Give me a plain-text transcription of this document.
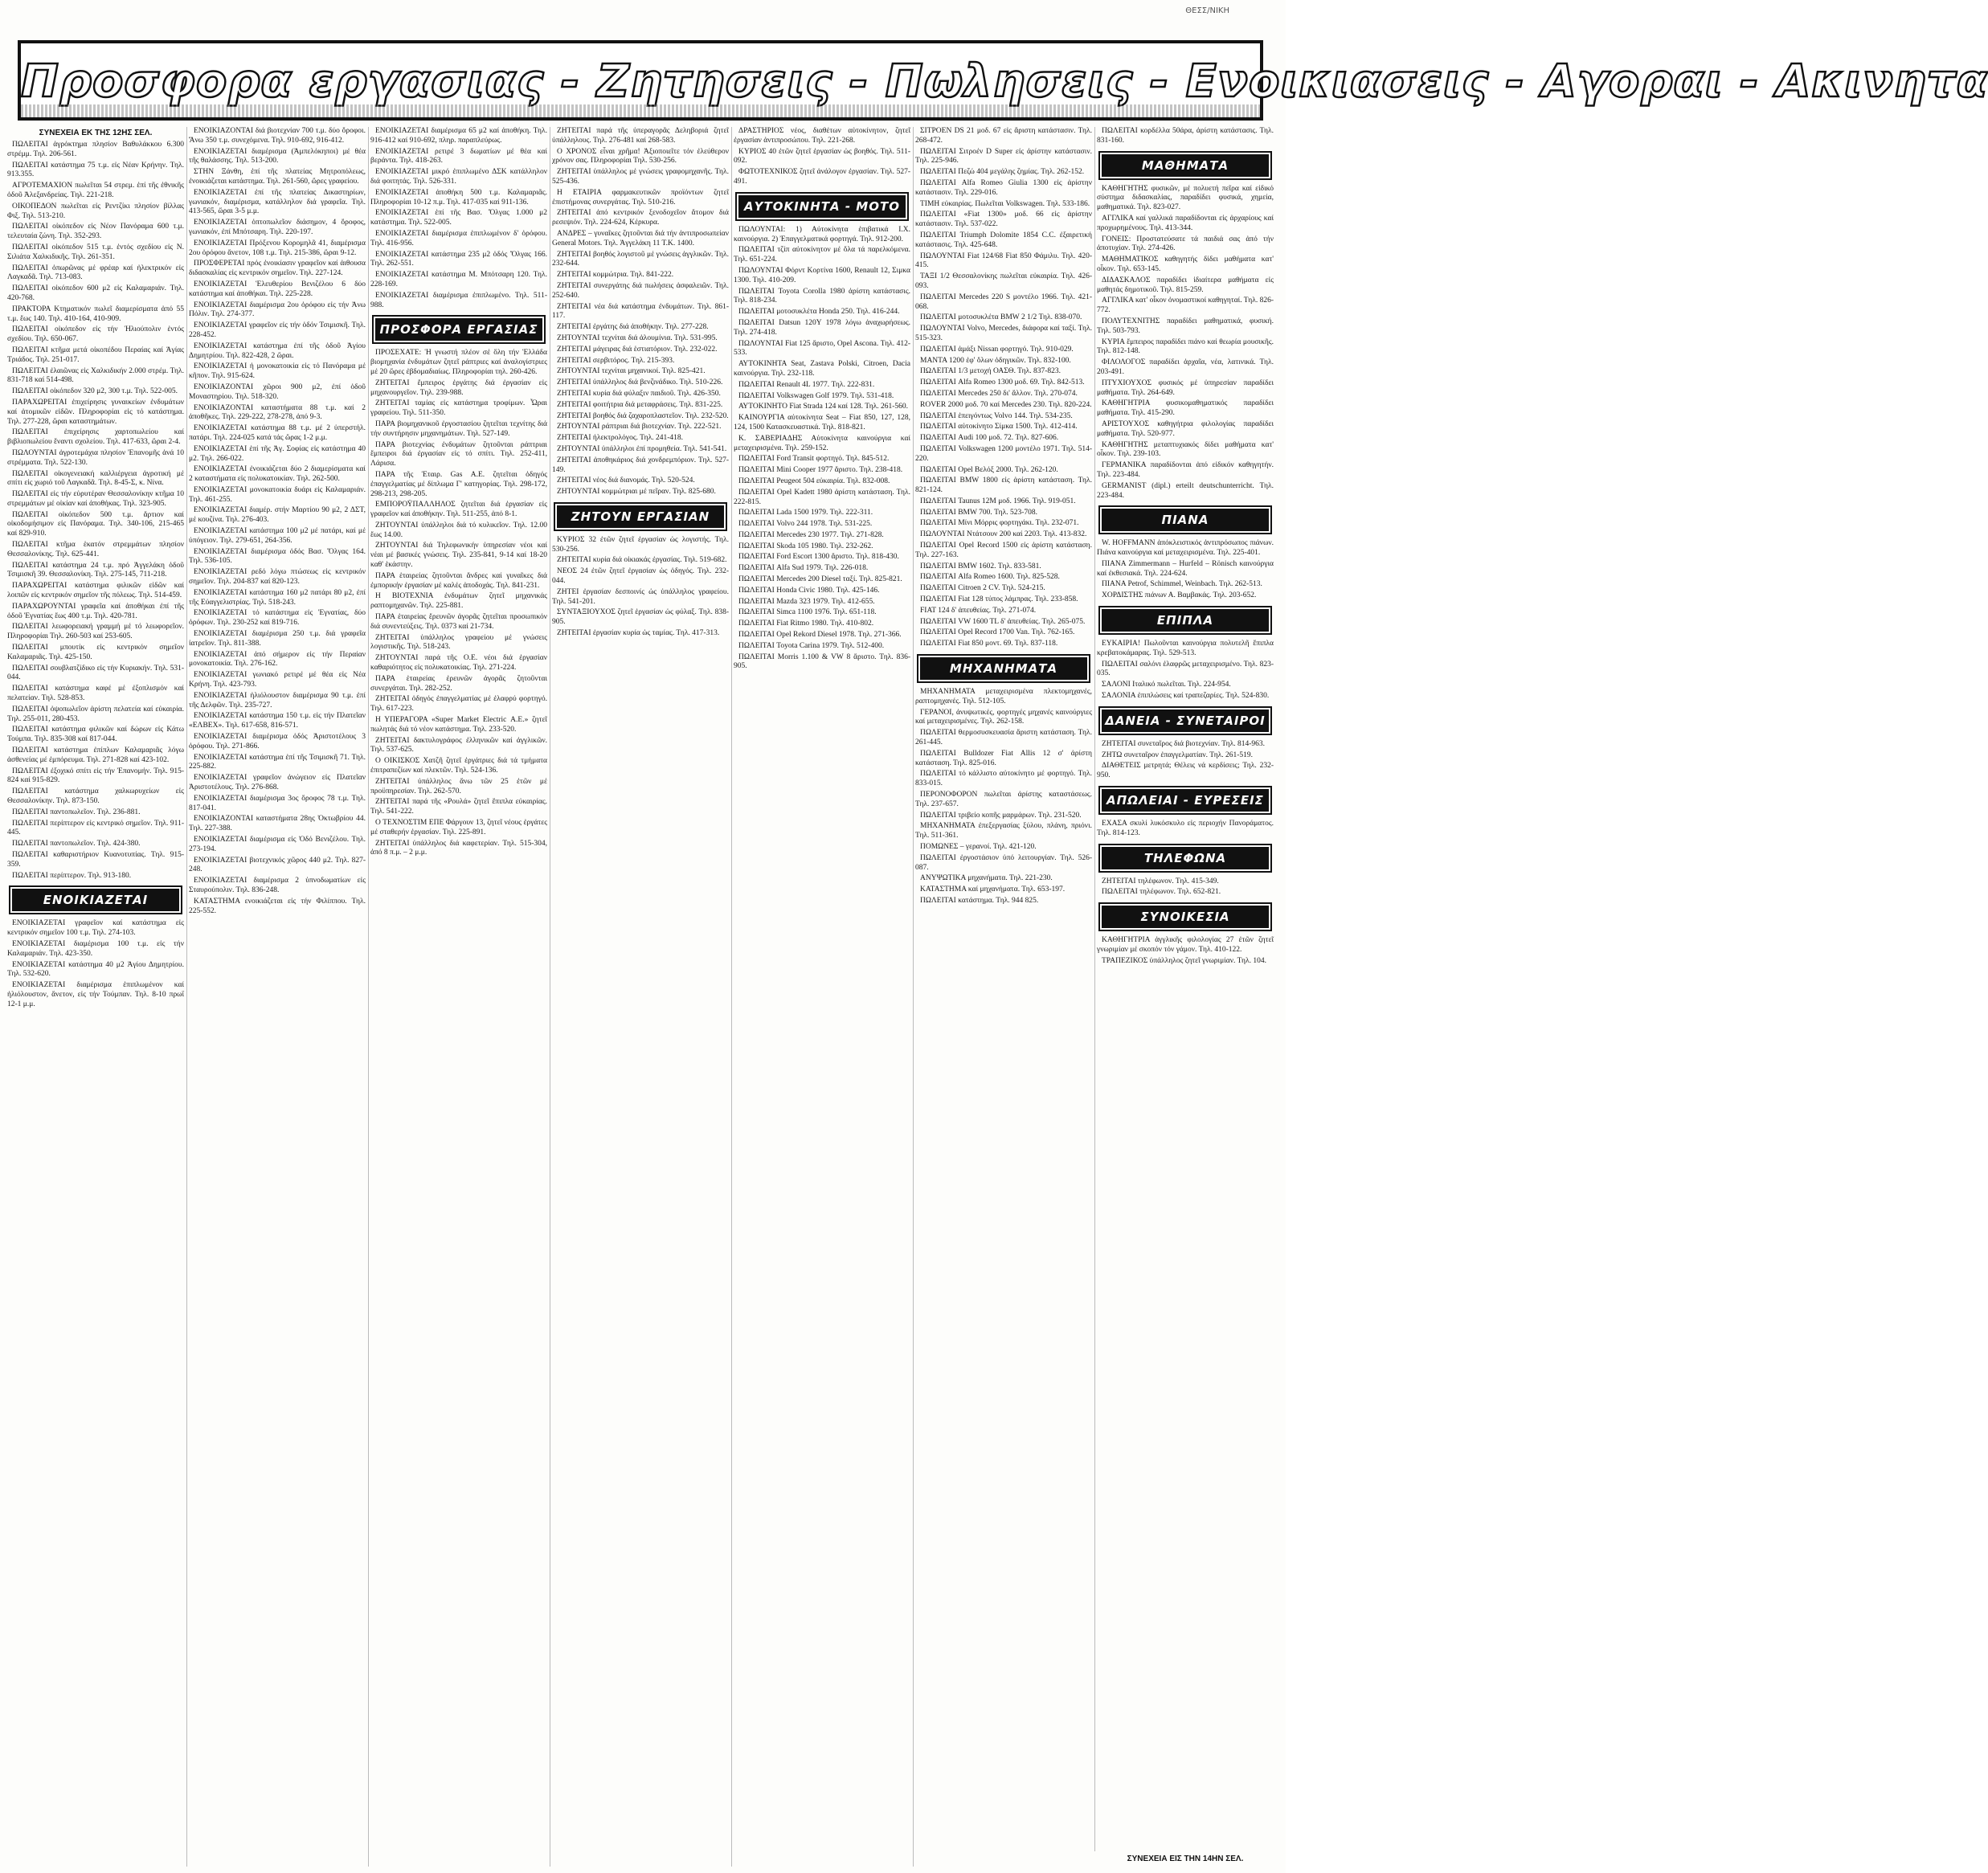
ΘΕΣΣ/ΝΙΚΗ
Προσφορα εργασιας - Ζητησεις - Πωλησεις - Ενοικιασεις - Αγοραι - Ακινητα
ΣΥΝΕΧΕΙΑ ΕΚ ΤΗΣ 12ΗΣ ΣΕΛ.

ΠΩΛΕΙΤΑΙ ἀγρόκτημα πλησίον Βαθυλάκκου 6.300 στρέμμ. Τηλ. 206-561.

ΠΩΛΕΙΤΑΙ κατάστημα 75 τ.μ. εἰς Νέαν Κρήνην. Τηλ. 913.355.

ΑΓΡΟΤΕΜΑΧΙΟΝ πωλεῖται 54 στρεμ. ἐπί τῆς ἐθνικῆς ὁδοῦ Ἀλεξανδρείας. Τηλ. 221-218.

ΟΙΚΟΠΕΔΟΝ πωλεῖται εἰς Ρεντζίκι πλησίον βίλλας Φιξ. Τηλ. 513-210.

ΠΩΛΕΙΤΑΙ οἰκόπεδον εἰς Νέον Πανόραμα 600 τ.μ. τελευταία ζώνη. Τηλ. 352-293.

ΠΩΛΕΙΤΑΙ οἰκόπεδον 515 τ.μ. ἐντός σχεδίου εἰς Ν. Σιλιάτα Χαλκιδικῆς. Τηλ. 261-351.

ΠΩΛΕΙΤΑΙ ὁπωρῶνας μέ φρέαρ καί ἠλεκτρικόν εἰς Λαγκαδᾶ. Τηλ. 713-083.

ΠΩΛΕΙΤΑΙ οἰκόπεδον 600 μ2 εἰς Καλαμαριάν. Τηλ. 420-768.

ΠΡΑΚΤΟΡΑ Κτηματικόν πωλεῖ διαμερίσματα ἀπό 55 τ.μ. ἕως 140. Τηλ. 410-164, 410-909.

ΠΩΛΕΙΤΑΙ οἰκόπεδον εἰς τήν Ἡλιούπολιν ἐντός σχεδίου. Τηλ. 650-067.

ΠΩΛΕΙΤΑΙ κτῆμα μετά οἰκοπέδου Περαίας καί Ἁγίας Τριάδος. Τηλ. 251-017.

ΠΩΛΕΙΤΑΙ ἐλαιῶνας εἰς Χαλκιδικήν 2.000 στρέμ. Τηλ. 831-718 καί 514-498.

ΠΩΛΕΙΤΑΙ οἰκόπεδον 320 μ2, 300 τ.μ. Τηλ. 522-005.

ΠΑΡΑΧΩΡΕΙΤΑΙ ἐπιχείρησις γυναικείων ἐνδυμάτων καί ἀτομικῶν εἰδῶν. Πληροφορίαι εἰς τό κατάστημα. Τηλ. 277-228, ὥραι καταστημάτων.

ΠΩΛΕΙΤΑΙ ἐπιχείρησις χαρτοπωλείου καί βιβλιοπωλείου ἔναντι σχολείου. Τηλ. 417-633, ὥραι 2-4.

ΠΩΛΟΥΝΤΑΙ ἀγροτεμάχια πλησίον Ἐπανομῆς ἀνά 10 στρέμματα. Τηλ. 522-130.

ΠΩΛΕΙΤΑΙ οἰκογενειακή καλλιέργεια ἀγροτική μέ σπίτι εἰς χωριό τοῦ Λαγκαδᾶ. Τηλ. 8-45-Σ, κ. Νίνα.

ΠΩΛΕΙΤΑΙ εἰς τήν εὐρυτέραν Θεσσαλονίκην κτῆμα 10 στρεμμάτων μέ οἰκίαν καί ἀποθήκας. Τηλ. 323-905.

ΠΩΛΕΙΤΑΙ οἰκόπεδον 500 τ.μ. ἄρτιον καί οἰκοδομήσιμον εἰς Πανόραμα. Τηλ. 340-106, 215-465 καί 829-910.

ΠΩΛΕΙΤΑΙ κτῆμα ἑκατόν στρεμμάτων πλησίον Θεσσαλονίκης. Τηλ. 625-441.

ΠΩΛΕΙΤΑΙ κατάστημα 24 τ.μ. πρό Ἀγγελάκη ὁδοῦ Τσιμισκῆ 39. Θεσσαλονίκη. Τηλ. 275-145, 711-218.

ΠΑΡΑΧΩΡΕΙΤΑΙ κατάστημα φιλικῶν εἰδῶν καί λοιπῶν εἰς κεντρικόν σημεῖον τῆς πόλεως. Τηλ. 514-459.

ΠΑΡΑΧΩΡΟΥΝΤΑΙ γραφεῖα καί ἀποθήκαι ἐπί τῆς ὁδοῦ Ἐγνατίας ἕως 400 τ.μ. Τηλ. 420-781.

ΠΩΛΕΙΤΑΙ λεωφορειακή γραμμή μέ τό λεωφορεῖον. Πληροφορίαι Τηλ. 260-503 καί 253-605.

ΠΩΛΕΙΤΑΙ μπουτίκ εἰς κεντρικόν σημεῖον Καλαμαριᾶς. Τηλ. 425-150.

ΠΩΛΕΙΤΑΙ σουβλατζίδικο εἰς τήν Κυριακήν. Τηλ. 531-044.

ΠΩΛΕΙΤΑΙ κατάστημα καφέ μέ ἐξοπλισμόν καί πελατείαν. Τηλ. 528-853.

ΠΩΛΕΙΤΑΙ ὀψοπωλεῖον ἀρίστη πελατεία καί εὐκαιρία. Τηλ. 255-011, 280-453.

ΠΩΛΕΙΤΑΙ κατάστημα φιλικῶν καί δώρων εἰς Κάτω Τούμπα. Τηλ. 835-308 καί 817-044.

ΠΩΛΕΙΤΑΙ κατάστημα ἐπίπλων Καλαμαριᾶς λόγω ἀσθενείας μέ ἐμπόρευμα. Τηλ. 271-828 καί 423-102.

ΠΩΛΕΙΤΑΙ ἐξοχικό σπίτι εἰς τήν Ἐπανομήν. Τηλ. 915-824 καί 915-829.

ΠΩΛΕΙΤΑΙ κατάστημα χαλκωρυχείων εἰς Θεσσαλονίκην. Τηλ. 873-150.

ΠΩΛΕΙΤΑΙ παντοπωλεῖον. Τηλ. 236-881.

ΠΩΛΕΙΤΑΙ περίπτερον εἰς κεντρικό σημεῖον. Τηλ. 911-445.

ΠΩΛΕΙΤΑΙ παντοπωλεῖον. Τηλ. 424-380.

ΠΩΛΕΙΤΑΙ καθαριστήριον Κυανοτυπίας. Τηλ. 915-359.

ΠΩΛΕΙΤΑΙ περίπτερον. Τηλ. 913-180.

ΕΝΟΙΚΙΑΖΕΤΑΙ

ΕΝΟΙΚΙΑΖΕΤΑΙ γραφεῖον καί κατάστημα εἰς κεντρικόν σημεῖον 100 τ.μ. Τηλ. 274-103.

ΕΝΟΙΚΙΑΖΕΤΑΙ διαμέρισμα 100 τ.μ. εἰς τήν Καλαμαριάν. Τηλ. 423-350.

ΕΝΟΙΚΙΑΖΕΤΑΙ κατάστημα 40 μ2 Ἀγίου Δημητρίου. Τηλ. 532-620.

ΕΝΟΙΚΙΑΖΕΤΑΙ διαμέρισμα ἐπιπλωμένον καί ἠλιόλουστον, ἄνετον, εἰς τήν Τούμπαν. Τηλ. 8-10 πρωΐ 12-1 μ.μ.

ΕΝΟΙΚΙΑΖΟΝΤΑΙ διά βιοτεχνίαν 700 τ.μ. δύο ὄροφοι. Ἄνω 350 τ.μ. συνεχόμενα. Τηλ. 910-692, 916-412.

ΕΝΟΙΚΙΑΖΕΤΑΙ διαμέρισμα (Ἀμπελόκηποι) μέ θέα τῆς θαλάσσης. Τηλ. 513-200.

ΣΤΗΝ Ξάνθη, ἐπί τῆς πλατείας Μητροπόλεως, ἐνοικιάζεται κατάστημα. Τηλ. 261-560, ὥρες γραφείου.

ΕΝΟΙΚΙΑΖΕΤΑΙ ἐπί τῆς πλατείας Δικαστηρίων, γωνιακόν, διαμέρισμα, κατάλληλον διά γραφεῖα. Τηλ. 413-565, ὥραι 3-5 μ.μ.

ΕΝΟΙΚΙΑΖΕΤΑΙ ὁπτοπωλεῖον διάσημον, 4 ὄροφος, γωνιακόν, ἐπί Μπότσαρη. Τηλ. 220-197.

ΕΝΟΙΚΙΑΖΕΤΑΙ Πρόξενου Κορομηλᾶ 41, διαμέρισμα 2ου ὀρόφου ἄνετον, 108 τ.μ. Τηλ. 215-386, ὥραι 9-12.

ΠΡΟΣΦΕΡΕΤΑΙ πρός ἐνοικίασιν γραφεῖον καί ἀιθουσα διδασκαλίας εἰς κεντρικόν σημεῖον. Τηλ. 227-124.

ΕΝΟΙΚΙΑΖΕΤΑΙ Ἑλευθερίου Βενιζέλου 6 δύο κατάστημα καί ἀποθήκαι. Τηλ. 225-228.

ΕΝΟΙΚΙΑΖΕΤΑΙ διαμέρισμα 2ου ὀρόφου εἰς τήν Ἀνω Πόλιν. Τηλ. 274-377.

ΕΝΟΙΚΙΑΖΕΤΑΙ γραφεῖον εἰς τήν ὁδόν Τσιμισκῆ. Τηλ. 228-452.

ΕΝΟΙΚΙΑΖΕΤΑΙ κατάστημα ἐπί τῆς ὁδοῦ Ἀγίου Δημητρίου. Τηλ. 822-428, 2 ὥραι.

ΕΝΟΙΚΙΑΖΕΤΑΙ ἡ μονοκατοικία εἰς τό Πανόραμα μέ κῆπον. Τηλ. 915-624.

ΕΝΟΙΚΙΑΖΟΝΤΑΙ χῶροι 900 μ2, ἐπί ὁδοῦ Μοναστηρίου. Τηλ. 518-320.

ΕΝΟΙΚΙΑΖΟΝΤΑΙ καταστήματα 88 τ.μ. καί 2 ἀποθῆκες. Τηλ. 229-222, 278-278, ἀπό 9-3.

ΕΝΟΙΚΙΑΖΕΤΑΙ κατάστημα 88 τ.μ. μέ 2 ὑπερστήλ. πατάρι. Τηλ. 224-025 κατά τάς ὥρας 1-2 μ.μ.

ΕΝΟΙΚΙΑΖΕΤΑΙ ἐπί τῆς Ἀγ. Σοφίας εἰς κατάστημα 40 μ2. Τηλ. 266-022.

ΕΝΟΙΚΙΑΖΕΤΑΙ ἐνοικιάζεται δύο 2 διαμερίσματα καί 2 καταστήματα εἰς πολυκατοικίαν. Τηλ. 262-500.

ΕΝΟΙΚΙΑΖΕΤΑΙ μονοκατοικία δυάρι εἰς Καλαμαριάν. Τηλ. 461-255.

ΕΝΟΙΚΙΑΖΕΤΑΙ διαμέρ. στήν Μαρτίου 90 μ2, 2 ΔΣΤ, μέ κουζίνα. Τηλ. 276-403.

ΕΝΟΙΚΙΑΖΕΤΑΙ κατάστημα 100 μ2 μέ πατάρι, καί μέ ὑπόγειον. Τηλ. 279-651, 264-356.

ΕΝΟΙΚΙΑΖΕΤΑΙ διαμέρισμα ὁδός Βασ. Ὄλγας 164. Τηλ. 536-105.

ΕΝΟΙΚΙΑΖΕΤΑΙ ρεδό λόγω πτώσεως εἰς κεντρικόν σημεῖον. Τηλ. 204-837 καί 820-123.

ΕΝΟΙΚΙΑΖΕΤΑΙ κατάστημα 160 μ2 πατάρι 80 μ2, ἐπί τῆς Εὐαγγελιστρίας. Τηλ. 518-243.

ΕΝΟΙΚΙΑΖΕΤΑΙ τό κατάστημα εἰς Ἐγνατίας, δύο ὀρόφων. Τηλ. 230-252 καί 819-716.

ΕΝΟΙΚΙΑΖΕΤΑΙ διαμέρισμα 250 τ.μ. διά γραφεῖα ἰατρεῖον. Τηλ. 811-388.

ΕΝΟΙΚΙΑΖΕΤΑΙ ἀπό σήμερον εἰς τήν Περαίαν μονοκατοικία. Τηλ. 276-162.

ΕΝΟΙΚΙΑΖΕΤΑΙ γωνιακό ρετιρέ μέ θέα εἰς Νέα Κρήνη. Τηλ. 423-793.

ΕΝΟΙΚΙΑΖΕΤΑΙ ἠλιόλουστον διαμέρισμα 90 τ.μ. ἐπί τῆς Δελφῶν. Τηλ. 235-727.

ΕΝΟΙΚΙΑΖΕΤΑΙ κατάστημα 150 τ.μ. εἰς τήν Πλατεῖαν «ΕΛΒΕΧ». Τηλ. 617-658, 816-571.

ΕΝΟΙΚΙΑΖΕΤΑΙ διαμέρισμα ὁδός Ἀριστοτέλους 3 ὀρόφου. Τηλ. 271-866.

ΕΝΟΙΚΙΑΖΕΤΑΙ κατάστημα ἐπί τῆς Τσιμισκῆ 71. Τηλ. 225-882.

ΕΝΟΙΚΙΑΖΕΤΑΙ γραφεῖον ἀνώγειον εἰς Πλατεῖαν Ἀριστοτέλους. Τηλ. 276-868.

ΕΝΟΙΚΙΑΖΕΤΑΙ διαμέρισμα 3ος ὄροφος 78 τ.μ. Τηλ. 817-041.

ΕΝΟΙΚΙΑΖΟΝΤΑΙ καταστήματα 28ης Ὀκτωβρίου 44. Τηλ. 227-388.

ΕΝΟΙΚΙΑΖΕΤΑΙ διαμέρισμα εἰς Ὀδό Βενιζέλου. Τηλ. 273-194.

ΕΝΟΙΚΙΑΖΕΤΑΙ βιοτεχνικός χῶρος 440 μ2. Τηλ. 827-248.

ΕΝΟΙΚΙΑΖΕΤΑΙ διαμέρισμα 2 ὑπνοδωματίων εἰς Σταυρούπολιν. Τηλ. 836-248.

ΚΑΤΑΣΤΗΜΑ ενοικιάζεται εἰς τήν Φιλίππου. Τηλ. 225-552.

ΕΝΟΙΚΙΑΖΕΤΑΙ διαμέρισμα 65 μ2 καί ἀποθήκη. Τηλ. 916-412 καί 910-692, πληρ. παραπλεύρως.

ΕΝΟΙΚΙΑΖΕΤΑΙ ρετιρέ 3 δωματίων μέ θέα καί βεράντα. Τηλ. 418-263.

ΕΝΟΙΚΙΑΖΕΤΑΙ μικρό ἐπιπλωμένο ΔΣΚ κατάλληλον διά φοιτητάς. Τηλ. 526-331.

ΕΝΟΙΚΙΑΖΕΤΑΙ ἀποθήκη 500 τ.μ. Καλαμαριᾶς. Πληροφορίαι 10-12 π.μ. Τηλ. 417-035 καί 911-136.

ΕΝΟΙΚΙΑΖΕΤΑΙ ἐπί τῆς Βασ. Ὄλγας 1.000 μ2 κατάστημα. Τηλ. 522-005.

ΕΝΟΙΚΙΑΖΕΤΑΙ διαμέρισμα ἐπιπλωμένον δ' ὀρόφου. Τηλ. 416-956.

ΕΝΟΙΚΙΑΖΕΤΑΙ κατάστημα 235 μ2 ὁδός Ὄλγας 166. Τηλ. 262-551.

ΕΝΟΙΚΙΑΖΕΤΑΙ κατάστημα Μ. Μπότσαρη 120. Τηλ. 228-169.

ΕΝΟΙΚΙΑΖΕΤΑΙ διαμέρισμα ἐπιπλωμένο. Τηλ. 511-988.

ΠΡΟΣΦΟΡΑ ΕΡΓΑΣΙΑΣ

ΠΡΟΣΕΧΑΤΕ: Ἡ γνωστή πλέον σέ ὅλη τήν Ἑλλάδα βιομηχανία ἐνδυμάτων ζητεῖ ράπτριες καί ἀναλογίστριες μέ 20 ὥρες ἐβδομαδιαίως. Πληροφορίαι τηλ. 260-426.

ΖΗΤΕΙΤΑΙ ἔμπειρος ἐργάτης διά ἐργασίαν εἰς μηχανουργεῖον. Τηλ. 239-988.

ΖΗΤΕΙΤΑΙ ταμίας εἰς κατάστημα τροφίμων. Ὧραι γραφείου. Τηλ. 511-350.

ΠΑΡΑ βιομηχανικοῦ ἐργοστασίου ζητεῖται τεχνίτης διά τήν συντήρησιν μηχανημάτων. Τηλ. 527-149.

ΠΑΡΑ βιοτεχνίας ἐνδυμάτων ζητοῦνται ράπτριαι ἔμπειροι διά ἐργασίαν εἰς τό σπίτι. Τηλ. 252-411, Λάρισα.

ΠΑΡΑ τῆς Ἑταιρ. Gas Α.Ε. ζητεῖται ὁδηγός ἐπαγγελματίας μέ δίπλωμα Γ' κατηγορίας. Τηλ. 298-172, 298-213, 298-205.

ΕΜΠΟΡΟΫΠΑΛΛΗΛΟΣ ζητεῖται διά ἐργασίαν εἰς γραφεῖον καί ἀποθήκην. Τηλ. 511-255, ἀπό 8-1.

ΖΗΤΟΥΝΤΑΙ ὑπάλληλοι διά τό κυλικεῖον. Τηλ. 12.00 ἕως 14.00.

ΖΗΤΟΥΝΤΑΙ διά Τηλεφωνικήν ὑπηρεσίαν νέοι καί νέαι μέ βασικές γνώσεις. Τηλ. 235-841, 9-14 καί 18-20 καθ' ἑκάστην.

ΠΑΡΑ ἑταιρείας ζητοῦνται ἄνδρες καί γυναῖκες διά ἐμπορικήν ἐργασίαν μέ καλές ἀποδοχάς. Τηλ. 841-231.

Η ΒΙΟΤΕΧΝΙΑ ἐνδυμάτων ζητεῖ μηχανικάς ραπτομηχανῶν. Τηλ. 225-881.

ΠΑΡΑ ἑταιρείας ἔρευνῶν ἀγορᾶς ζητεῖται προσωπικόν διά συνεντεύξεις. Τηλ. 0373 καί 21-734.

ΖΗΤΕΙΤΑΙ ὑπάλληλος γραφείου μέ γνώσεις λογιστικῆς. Τηλ. 518-243.

ΖΗΤΟΥΝΤΑΙ παρά τῆς Ο.Ε. νέοι διά ἐργασίαν καθαριότητος εἰς πολυκατοικίας. Τηλ. 271-224.

ΠΑΡΑ ἑταιρείας ἐρευνῶν ἀγορᾶς ζητοῦνται συνεργάται. Τηλ. 282-252.

ΖΗΤΕΙΤΑΙ ὁδηγός ἐπαγγελματίας μέ ἐλαφρύ φορτηγό. Τηλ. 617-223.

Η ΥΠΕΡΑΓΟΡΑ «Super Market Electric Α.Ε.» ζητεῖ πωλητάς διά τό νέον κατάστημα. Τηλ. 233-520.

ΖΗΤΕΙΤΑΙ δακτυλογράφος ἐλληνικῶν καί ἀγγλικῶν. Τηλ. 537-625.

Ο ΟΙΚΙΣΚΟΣ Χατζῆ ζητεῖ ἐργάτριες διά τά τμήματα ἐπιτραπεζίων καί πλεκτῶν. Τηλ. 524-136.

ΖΗΤΕΙΤΑΙ ὑπάλληλος ἄνω τῶν 25 ἐτῶν μέ προϋπηρεσίαν. Τηλ. 262-570.

ΖΗΤΕΙΤΑΙ παρά τῆς «Ρουλά» ζητεῖ ἔπιπλα εὐκαιρίας. Τηλ. 541-222.

Ο ΤΕΧΝΟΣΤΙΜ ΕΠΕ Φάργουν 13, ζητεῖ νέους ἐργάτες μέ σταθερήν ἐργασίαν. Τηλ. 225-891.

ΖΗΤΕΙΤΑΙ ὑπάλληλος διά καφετερίαν. Τηλ. 515-304, ἀπό 8 π.μ. – 2 μ.μ.

ΖΗΤΕΙΤΑΙ παρά τῆς ὑπεραγορᾶς Δεληβοριά ζητεῖ ὑπάλληλους. Τηλ. 276-481 καί 268-583.

Ο ΧΡΟΝΟΣ εἶναι χρῆμα! Ἀξιοποιεῖτε τόν ἐλεύθερον χρόνον σας. Πληροφορίαι Τηλ. 530-256.

ΖΗΤΕΙΤΑΙ ὑπάλληλος μέ γνώσεις γραφομηχανῆς. Τηλ. 525-436.

Η ΕΤΑΙΡΙΑ φαρμακευτικῶν προϊόντων ζητεῖ ἐπιστήμονας συνεργάτας. Τηλ. 510-216.

ΖΗΤΕΙΤΑΙ ἀπό κεντρικόν ξενοδοχεῖον ἄτομον διά ρεσεψιόν. Τηλ. 224-624, Κέρκυρα.

ΑΝΔΡΕΣ – γυναῖκες ζητοῦνται διά τήν ἀντιπροσωπείαν General Motors. Τηλ. Ἀγγελάκη 11 Τ.Κ. 1400.

ΖΗΤΕΙΤΑΙ βοηθός λογιστοῦ μέ γνώσεις ἀγγλικῶν. Τηλ. 232-644.

ΖΗΤΕΙΤΑΙ κομμώτρια. Τηλ. 841-222.

ΖΗΤΕΙΤΑΙ συνεργάτης διά πωλήσεις ἀσφαλειῶν. Τηλ. 252-640.

ΖΗΤΕΙΤΑΙ νέα διά κατάστημα ἐνδυμάτων. Τηλ. 861-117.

ΖΗΤΕΙΤΑΙ ἐργάτης διά ἀποθήκην. Τηλ. 277-228.

ΖΗΤΟΥΝΤΑΙ τεχνίται διά ἀλουμίνια. Τηλ. 531-995.

ΖΗΤΕΙΤΑΙ μάγειρας διά ἑστιατόριον. Τηλ. 232-022.

ΖΗΤΕΙΤΑΙ σερβιτόρος. Τηλ. 215-393.

ΖΗΤΟΥΝΤΑΙ τεχνίται μηχανικοί. Τηλ. 825-421.

ΖΗΤΕΙΤΑΙ ὑπάλληλος διά βενζινάδικο. Τηλ. 510-226.

ΖΗΤΕΙΤΑΙ κυρία διά φύλαξιν παιδιοῦ. Τηλ. 426-350.

ΖΗΤΕΙΤΑΙ φοιτήτρια διά μεταφράσεις. Τηλ. 831-225.

ΖΗΤΕΙΤΑΙ βοηθός διά ζαχαροπλαστεῖον. Τηλ. 232-520.

ΖΗΤΟΥΝΤΑΙ ράπτριαι διά βιοτεχνίαν. Τηλ. 222-521.

ΖΗΤΕΙΤΑΙ ἠλεκτρολόγος. Τηλ. 241-418.

ΖΗΤΟΥΝΤΑΙ ὑπάλληλοι ἐπί προμηθεία. Τηλ. 541-541.

ΖΗΤΕΙΤΑΙ ἀποθηκάριος διά χονδρεμπόριον. Τηλ. 527-149.

ΖΗΤΕΙΤΑΙ νέος διά διανομάς. Τηλ. 520-524.

ΖΗΤΟΥΝΤΑΙ κομμώτριαι μέ πεῖραν. Τηλ. 825-680.

ΖΗΤΟΥΝ ΕΡΓΑΣΙΑΝ

ΚΥΡΙΟΣ 32 ἐτῶν ζητεῖ ἐργασίαν ὡς λογιστής. Τηλ. 530-256.

ΖΗΤΕΙΤΑΙ κυρία διά οἰκιακάς ἐργασίας. Τηλ. 519-682.

ΝΕΟΣ 24 ἐτῶν ζητεῖ ἐργασίαν ὡς ὁδηγός. Τηλ. 232-044.

ΖΗΤΕΙ ἐργασίαν δεσποινίς ὡς ὑπάλληλος γραφείου. Τηλ. 541-201.

ΣΥΝΤΑΞΙΟΥΧΟΣ ζητεῖ ἐργασίαν ὡς φύλαξ. Τηλ. 838-905.

ΖΗΤΕΙΤΑΙ ἐργασίαν κυρία ὡς ταμίας. Τηλ. 417-313.

ΔΡΑΣΤΗΡΙΟΣ νέος, διαθέτων αὐτοκίνητον, ζητεῖ ἐργασίαν ἀντιπροσώπου. Τηλ. 221-268.

ΚΥΡΙΟΣ 40 ἐτῶν ζητεῖ ἐργασίαν ὡς βοηθός. Τηλ. 511-092.

ΦΩΤΟΤΕΧΝΙΚΟΣ ζητεῖ ἀνάλογον ἐργασίαν. Τηλ. 527-491.

ΑΥΤΟΚΙΝΗΤΑ - ΜΟΤΟ

ΠΩΛΟΥΝΤΑΙ: 1) Αὐτοκίνητα ἐπιβατικά Ι.Χ. καινούργια. 2) Ἐπαγγελματικά φορτηγά. Τηλ. 912-200.

ΠΩΛΕΙΤΑΙ τζίπ αὐτοκίνητον μέ ὅλα τά παρελκόμενα. Τηλ. 651-224.

ΠΩΛΟΥΝΤΑΙ Φόρντ Κορτίνα 1600, Renault 12, Σιμκα 1300. Τηλ. 410-209.

ΠΩΛΕΙΤΑΙ Toyota Corolla 1980 ἀρίστη κατάστασις. Τηλ. 818-234.

ΠΩΛΕΙΤΑΙ μοτοσυκλέτα Honda 250. Τηλ. 416-244.

ΠΩΛΕΙΤΑΙ Datsun 120Y 1978 λόγω ἀναχωρήσεως. Τηλ. 274-418.

ΠΩΛΟΥΝΤΑΙ Fiat 125 ἄριστο, Opel Ascona. Τηλ. 412-533.

ΑΥΤΟΚΙΝΗΤΑ Seat, Zastava Polski, Citroen, Dacia καινούργια. Τηλ. 232-118.

ΠΩΛΕΙΤΑΙ Renault 4L 1977. Τηλ. 222-831.

ΠΩΛΕΙΤΑΙ Volkswagen Golf 1979. Τηλ. 531-418.

ΑΥΤΟΚΙΝΗΤΟ Fiat Strada 124 καί 128. Τηλ. 261-560.

ΚΑΙΝΟΥΡΓΙΑ αὐτοκίνητα Seat – Fiat 850, 127, 128, 124, 1500 Κατασκευαστικά. Τηλ. 818-821.

Κ. ΣΑΒΕΡΙΑΔΗΣ Αὐτοκίνητα καινούργια καί μεταχειρισμένα. Τηλ. 259-152.

ΠΩΛΕΙΤΑΙ Ford Transit φορτηγό. Τηλ. 845-512.

ΠΩΛΕΙΤΑΙ Mini Cooper 1977 ἄριστο. Τηλ. 238-418.

ΠΩΛΕΙΤΑΙ Peugeot 504 εὐκαιρία. Τηλ. 832-008.

ΠΩΛΕΙΤΑΙ Opel Kadett 1980 ἀρίστη κατάσταση. Τηλ. 222-815.

ΠΩΛΕΙΤΑΙ Lada 1500 1979. Τηλ. 222-311.

ΠΩΛΕΙΤΑΙ Volvo 244 1978. Τηλ. 531-225.

ΠΩΛΕΙΤΑΙ Mercedes 230 1977. Τηλ. 271-828.

ΠΩΛΕΙΤΑΙ Skoda 105 1980. Τηλ. 232-262.

ΠΩΛΕΙΤΑΙ Ford Escort 1300 ἄριστο. Τηλ. 818-430.

ΠΩΛΕΙΤΑΙ Alfa Sud 1979. Τηλ. 226-018.

ΠΩΛΕΙΤΑΙ Mercedes 200 Diesel ταξί. Τηλ. 825-821.

ΠΩΛΕΙΤΑΙ Honda Civic 1980. Τηλ. 425-146.

ΠΩΛΕΙΤΑΙ Mazda 323 1979. Τηλ. 412-655.

ΠΩΛΕΙΤΑΙ Simca 1100 1976. Τηλ. 651-118.

ΠΩΛΕΙΤΑΙ Fiat Ritmo 1980. Τηλ. 410-802.

ΠΩΛΕΙΤΑΙ Opel Rekord Diesel 1978. Τηλ. 271-366.

ΠΩΛΕΙΤΑΙ Toyota Carina 1979. Τηλ. 512-400.

ΠΩΛΕΙΤΑΙ Morris 1.100 & VW 8 ἄριστο. Τηλ. 836-905.

ΣΙΤΡΟΕΝ DS 21 μοδ. 67 εἰς ἄριστη κατάστασιν. Τηλ. 268-472.

ΠΩΛΕΙΤΑΙ Σιτροέν D Super εἰς ἀρίστην κατάστασιν. Τηλ. 225-946.

ΠΩΛΕΙΤΑΙ Πεζώ 404 μεγάλης ζημίας. Τηλ. 262-152.

ΠΩΛΕΙΤΑΙ Alfa Romeo Giulia 1300 εἰς ἀρίστην κατάστασιν. Τηλ. 229-016.

ΤΙΜΗ εὐκαιρίας. Πωλεῖται Volkswagen. Τηλ. 533-186.

ΠΩΛΕΙΤΑΙ «Fiat 1300» μοδ. 66 εἰς ἀρίστην κατάστασιν. Τηλ. 537-022.

ΠΩΛΕΙΤΑΙ Triumph Dolomite 1854 C.C. ἐξαιρετική κατάστασις. Τηλ. 425-648.

ΠΩΛΟΥΝΤΑΙ Fiat 124/68 Fiat 850 Φάμιλυ. Τηλ. 420-415.

ΤΑΞΙ 1/2 Θεσσαλονίκης πωλεῖται εὐκαιρία. Τηλ. 426-093.

ΠΩΛΕΙΤΑΙ Mercedes 220 S μοντέλο 1966. Τηλ. 421-068.

ΠΩΛΕΙΤΑΙ μοτοσυκλέτα BMW 2 1/2 Τηλ. 838-070.

ΠΩΛΟΥΝΤΑΙ Volvo, Mercedes, διάφορα καί ταξί. Τηλ. 515-323.

ΠΩΛΕΙΤΑΙ ἀμάξι Nissan φορτηγό. Τηλ. 910-029.

ΜΑΝΤΑ 1200 ἐφ' ὅλων ὁδηγικῶν. Τηλ. 832-100.

ΠΩΛΕΙΤΑΙ 1/3 μετοχή ΟΑΣΘ. Τηλ. 837-823.

ΠΩΛΕΙΤΑΙ Alfa Romeo 1300 μοδ. 69. Τηλ. 842-513.

ΠΩΛΕΙΤΑΙ Mercedes 250 δι' ἄλλον. Τηλ. 270-074.

ROVER 2000 μοδ. 70 καί Mercedes 230. Τηλ. 820-224.

ΠΩΛΕΙΤΑΙ ἐπειγόντως Volvo 144. Τηλ. 534-235.

ΠΩΛΕΙΤΑΙ αὐτοκίνητο Σίμκα 1500. Τηλ. 412-414.

ΠΩΛΕΙΤΑΙ Audi 100 μοδ. 72. Τηλ. 827-606.

ΠΩΛΕΙΤΑΙ Volkswagen 1200 μοντέλο 1971. Τηλ. 514-220.

ΠΩΛΕΙΤΑΙ Opel Βελόξ 2000. Τηλ. 262-120.

ΠΩΛΕΙΤΑΙ BMW 1800 εἰς ἀρίστη κατάσταση. Τηλ. 821-124.

ΠΩΛΕΙΤΑΙ Taunus 12M μοδ. 1966. Τηλ. 919-051.

ΠΩΛΕΙΤΑΙ BMW 700. Τηλ. 523-708.

ΠΩΛΕΙΤΑΙ Μίνι Μόρρις φορτηγάκι. Τηλ. 232-071.

ΠΩΛΟΥΝΤΑΙ Ντάτσουν 200 καί 2203. Τηλ. 413-832.

ΠΩΛΕΙΤΑΙ Opel Record 1500 εἰς ἀρίστη κατάσταση. Τηλ. 227-163.

ΠΩΛΕΙΤΑΙ BMW 1602. Τηλ. 833-581.

ΠΩΛΕΙΤΑΙ Alfa Romeo 1600. Τηλ. 825-528.

ΠΩΛΕΙΤΑΙ Citroen 2 CV. Τηλ. 524-215.

ΠΩΛΕΙΤΑΙ Fiat 128 τύπος λάμπρας. Τηλ. 233-858.

FIAT 124 δ' ἀπευθείας. Τηλ. 271-074.

ΠΩΛΕΙΤΑΙ VW 1600 TL δ' ἀπευθείας. Τηλ. 265-075.

ΠΩΛΕΙΤΑΙ Opel Record 1700 Van. Τηλ. 762-165.

ΠΩΛΕΙΤΑΙ Fiat 850 μοντ. 69. Τηλ. 837-118.

ΜΗΧΑΝΗΜΑΤΑ

ΜΗΧΑΝΗΜΑΤΑ μεταχειρισμένα πλεκτομηχανές, ραπτομηχανές. Τηλ. 512-105.

ΓΕΡΑΝΟΙ, ἀνυψωτικές, φορτηγές μηχανές καινούργιες καί μεταχειρισμένες. Τηλ. 262-158.

ΠΩΛΕΙΤΑΙ θερμοσυσκευασία ἄριστη κατάσταση. Τηλ. 261-445.

ΠΩΛΕΙΤΑΙ Bulldozer Fiat Allis 12 σ' ἀρίστη κατάσταση. Τηλ. 825-016.

ΠΩΛΕΙΤΑΙ τό κάλλιστο αὐτοκίνητο μέ φορτηγό. Τηλ. 833-015.

ΠΕΡΟΝΟΦΟΡΟΝ πωλεῖται ἀρίστης καταστάσεως. Τηλ. 237-657.

ΠΩΛΕΙΤΑΙ τριβείο κοπῆς μαρμάρων. Τηλ. 231-520.

ΜΗΧΑΝΗΜΑΤΑ ἐπεξεργασίας ξύλου, πλάνη, πριόνι. Τηλ. 511-361.

ΠΟΜΩΝΕΣ – γερανοί. Τηλ. 421-120.

ΠΩΛΕΙΤΑΙ ἐργοστάσιον ὑπό λειτουργίαν. Τηλ. 526-087.

ΑΝΥΨΩΤΙΚΑ μηχανήματα. Τηλ. 221-230.

ΚΑΤΑΣΤΗΜΑ καί μηχανήματα. Τηλ. 653-197.

ΠΩΛΕΙΤΑΙ κατάστημα. Τηλ. 944 825.

ΠΩΛΕΙΤΑΙ κορδέλλα 50άρα, ἀρίστη κατάστασις. Τηλ. 831-160.

ΜΑΘΗΜΑΤΑ

ΚΑΘΗΓΗΤΗΣ φυσικῶν, μέ πολυετή πεῖρα καί εἰδικό σύστημα διδασκαλίας, παραδίδει φυσικά, χημεία, μαθηματικά. Τηλ. 823-027.

ΑΓΓΛΙΚΑ καί γαλλικά παραδίδονται εἰς ἀρχαρίους καί προχωρημένους. Τηλ. 413-344.

ΓΟΝΕΙΣ: Προστατεύσατε τά παιδιά σας ἀπό τήν ἀποτυχίαν. Τηλ. 274-426.

ΜΑΘΗΜΑΤΙΚΟΣ καθηγητής δίδει μαθήματα κατ' οἶκον. Τηλ. 653-145.

ΔΙΔΑΣΚΑΛΟΣ παραδίδει ἰδιαίτερα μαθήματα εἰς μαθητάς δημοτικοῦ. Τηλ. 815-259.

ΑΓΓΛΙΚΑ κατ' οἶκον ὀνομαστικοί καθηγηταί. Τηλ. 826-772.

ΠΟΛΥΤΕΧΝΙΤΗΣ παραδίδει μαθηματικά, φυσική. Τηλ. 503-793.

ΚΥΡΙΑ ἔμπειρος παραδίδει πιάνο καί θεωρία μουσικῆς. Τηλ. 812-148.

ΦΙΛΟΛΟΓΟΣ παραδίδει ἀρχαῖα, νέα, λατινικά. Τηλ. 203-491.

ΠΤΥΧΙΟΥΧΟΣ φυσικός μέ ὑπηρεσίαν παραδίδει μαθήματα. Τηλ. 264-649.

ΚΑΘΗΓΗΤΡΙΑ φυσικομαθηματικός παραδίδει μαθήματα. Τηλ. 415-290.

ΑΡΙΣΤΟΥΧΟΣ καθηγήτρια φιλολογίας παραδίδει μαθήματα. Τηλ. 520-977.

ΚΑΘΗΓΗΤΗΣ μεταπτυχιακός δίδει μαθήματα κατ' οἶκον. Τηλ. 239-103.

ΓΕΡΜΑΝΙΚΑ παραδίδονται ἀπό εἰδικόν καθηγητήν. Τηλ. 223-484.

GERMANIST (dipl.) erteilt deutschunterricht. Τηλ. 223-484.

ΠΙΑΝΑ

W. HOFFMANN ἀπόκλειστικός ἀντιπρόσωπος πιάνων. Πιάνα καινούργια καί μεταχειρισμένα. Τηλ. 225-401.

ΠΙΑΝΑ Zimmermann – Hurfeld – Rönisch καινούργια καί ἐκθεσιακά. Τηλ. 224-624.

ΠΙΑΝΑ Petrof, Schimmel, Weinbach. Τηλ. 262-513.

ΧΟΡΔΙΣΤΗΣ πιάνων Α. Βαμβακάς. Τηλ. 203-652.

ΕΠΙΠΛΑ

ΕΥΚΑΙΡΙΑ! Πωλοῦνται καινούργια πολυτελῆ ἔπιπλα κρεβατοκάμαρας. Τηλ. 529-513.

ΠΩΛΕΙΤΑΙ σαλόνι ἐλαφρῶς μεταχειρισμένο. Τηλ. 823-035.

ΣΑΛΟΝΙ Ιταλικό πωλεῖται. Τηλ. 224-954.

ΣΑΛΟΝΙΑ ἐπιπλώσεις καί τραπεζαρίες. Τηλ. 524-830.

ΔΑΝΕΙΑ - ΣΥΝΕΤΑΙΡΟΙ

ΖΗΤΕΙΤΑΙ συνεταῖρος διά βιοτεχνίαν. Τηλ. 814-963.

ΖΗΤΩ συνεταῖρον ἐπαγγελματίαν. Τηλ. 261-519.

ΔΙΑΘΕΤΕΙΣ μετρητά; Θέλεις νά κερδίσεις; Τηλ. 232-950.

ΑΠΩΛΕΙΑΙ - ΕΥΡΕΣΕΙΣ

ΕΧΑΣΑ σκυλί λυκόσκυλο εἰς περιοχήν Πανοράματος. Τηλ. 814-123.

ΤΗΛΕΦΩΝΑ

ΖΗΤΕΙΤΑΙ τηλέφωνον. Τηλ. 415-349.

ΠΩΛΕΙΤΑΙ τηλέφωνον. Τηλ. 652-821.

ΣΥΝΟΙΚΕΣΙΑ

ΚΑΘΗΓΗΤΡΙΑ ἀγγλικῆς φιλολογίας 27 ἐτῶν ζητεῖ γνωριμίαν μέ σκοπόν τόν γάμον. Τηλ. 410-122.

ΤΡΑΠΕΖΙΚΟΣ ὑπάλληλος ζητεῖ γνωριμίαν. Τηλ. 104.

ΣΥΝΕΧΕΙΑ ΕΙΣ ΤΗΝ 14ΗΝ ΣΕΛ.
